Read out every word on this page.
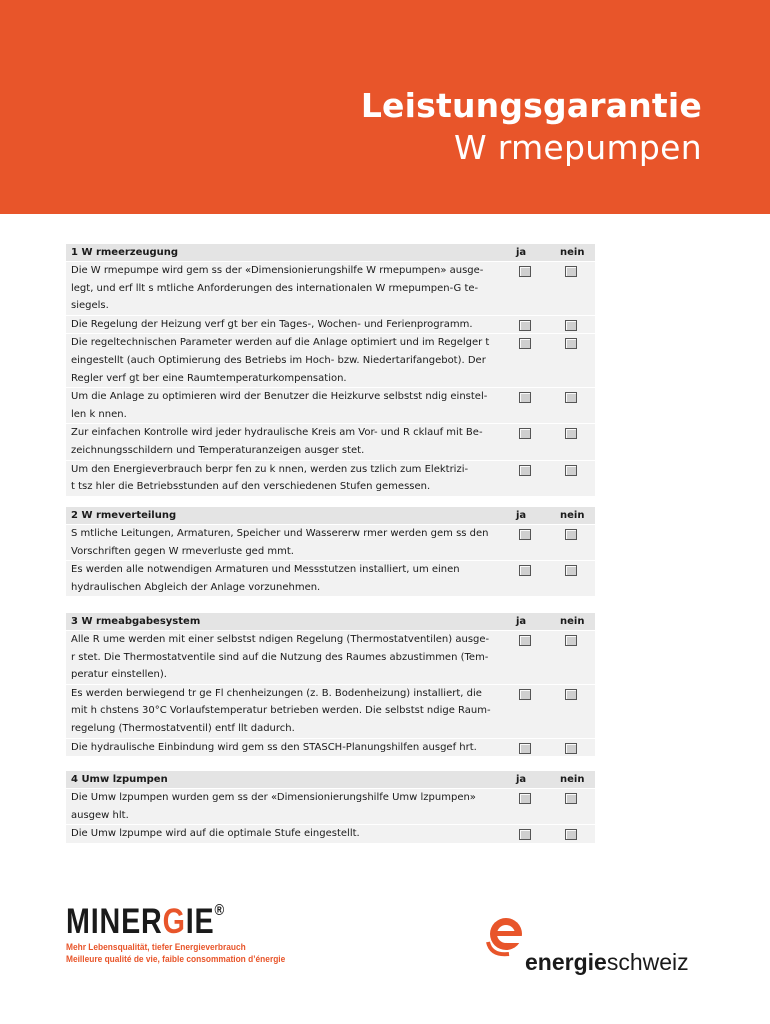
Leistungsgarantie
W rmepumpen
1 W rmeerzeugung	ja	nein
Die W rmepumpe wird gem ss der «Dimensionierungshilfe W rmepumpen» ausge-
legt, und erf llt s mtliche Anforderungen des internationalen W rmepumpen-G te-
siegels.
Die Regelung der Heizung verf gt ber ein Tages-, Wochen- und Ferienprogramm.
Die regeltechnischen Parameter werden auf die Anlage optimiert und im Regelger t
eingestellt (auch Optimierung des Betriebs im Hoch- bzw. Niedertarifangebot). Der
Regler verf gt ber eine Raumtemperaturkompensation.
Um die Anlage zu optimieren wird der Benutzer die Heizkurve selbstst ndig einstel-
len k nnen.
Zur einfachen Kontrolle wird jeder hydraulische Kreis am Vor- und R cklauf mit Be-
zeichnungsschildern und Temperaturanzeigen ausger stet.
Um den Energieverbrauch berpr fen zu k nnen, werden zus tzlich zum Elektrizi-
t tsz hler die Betriebsstunden auf den verschiedenen Stufen gemessen.
2 W rmeverteilung	ja	nein
S mtliche Leitungen, Armaturen, Speicher und Wassererw rmer werden gem ss den
Vorschriften gegen W rmeverluste ged mmt.
Es werden alle notwendigen Armaturen und Messstutzen installiert, um einen
hydraulischen Abgleich der Anlage vorzunehmen.
3 W rmeabgabesystem	ja	nein
Alle R ume werden mit einer selbstst ndigen Regelung (Thermostatventilen) ausge-
r stet. Die Thermostatventile sind auf die Nutzung des Raumes abzustimmen (Tem-
peratur einstellen).
Es werden berwiegend tr ge Fl chenheizungen (z. B. Bodenheizung) installiert, die
mit h chstens 30°C Vorlaufstemperatur betrieben werden. Die selbstst ndige Raum-
regelung (Thermostatventil) entf llt dadurch.
Die hydraulische Einbindung wird gem ss den STASCH-Planungshilfen ausgef hrt.
4 Umw lzpumpen	ja	nein
Die Umw lzpumpen wurden gem ss der «Dimensionierungshilfe Umw lzpumpen»
ausgew hlt.
Die Umw lzpumpe wird auf die optimale Stufe eingestellt.
MINERGIE®
Mehr Lebensqualität, tiefer Energieverbrauch
Meilleure qualité de vie, faible consommation d’énergie	energieschweiz
